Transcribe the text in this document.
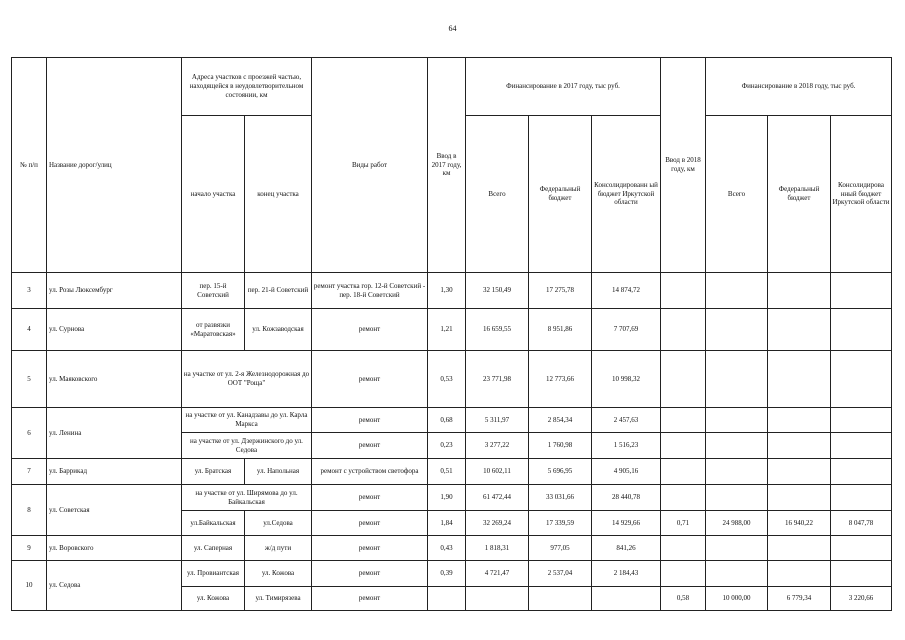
64
№ п/п	Название дорог/улиц	Адреса участков с проезжей частью, находящейся в неудовлетворительном состоянии, км		Виды работ	Ввод в 2017 году, км	Финансирование в 2017 году, тыс руб.			Ввод в 2018 году, км	Финансирование в 2018 году, тыс руб.		
		начало участка	конец участка			Всего	Федеральный бюджет	Консолидированн ый бюджет Иркутской области		Всего	Федеральный бюджет	Консолидирова нный бюджет Иркутской области
3	ул. Розы Люксембург	пер. 15-й Советский	пер. 21-й Советский	ремонт участка гор. 12-й Советский - пер. 18-й Советский	1,30	32 150,49	17 275,78	14 874,72				
4	ул. Сурнова	от развязки «Маратовская»	ул. Кожзаводская	ремонт	1,21	16 659,55	8 951,86	7 707,69				
5	ул. Маяковского	на участке от ул. 2-я Железнодорожная до ООТ "Роща"		ремонт	0,53	23 771,98	12 773,66	10 998,32				
6	ул. Ленина	на участке от ул. Канадзавы до ул. Карла Маркса		ремонт	0,68	5 311,97	2 854,34	2 457,63				
		на участке от ул. Дзержинского до ул. Седова		ремонт	0,23	3 277,22	1 760,98	1 516,23				
7	ул. Баррикад	ул. Братская	ул. Напольная	ремонт с устройством светофора	0,51	10 602,11	5 696,95	4 905,16				
8	ул. Советская	на участке от ул. Ширямова до ул. Байкальская		ремонт	1,90	61 472,44	33 031,66	28 440,78				
		ул.Байкальская	ул.Седова	ремонт	1,84	32 269,24	17 339,59	14 929,66	0,71	24 988,00	16 940,22	8 047,78
9	ул. Воровского	ул. Саперная	ж/д пути	ремонт	0,43	1 818,31	977,05	841,26				
10	ул. Седова	ул. Провиантская	ул. Кожова	ремонт	0,39	4 721,47	2 537,04	2 184,43				
		ул. Кожова	ул. Тимирязева	ремонт					0,58	10 000,00	6 779,34	3 220,66
